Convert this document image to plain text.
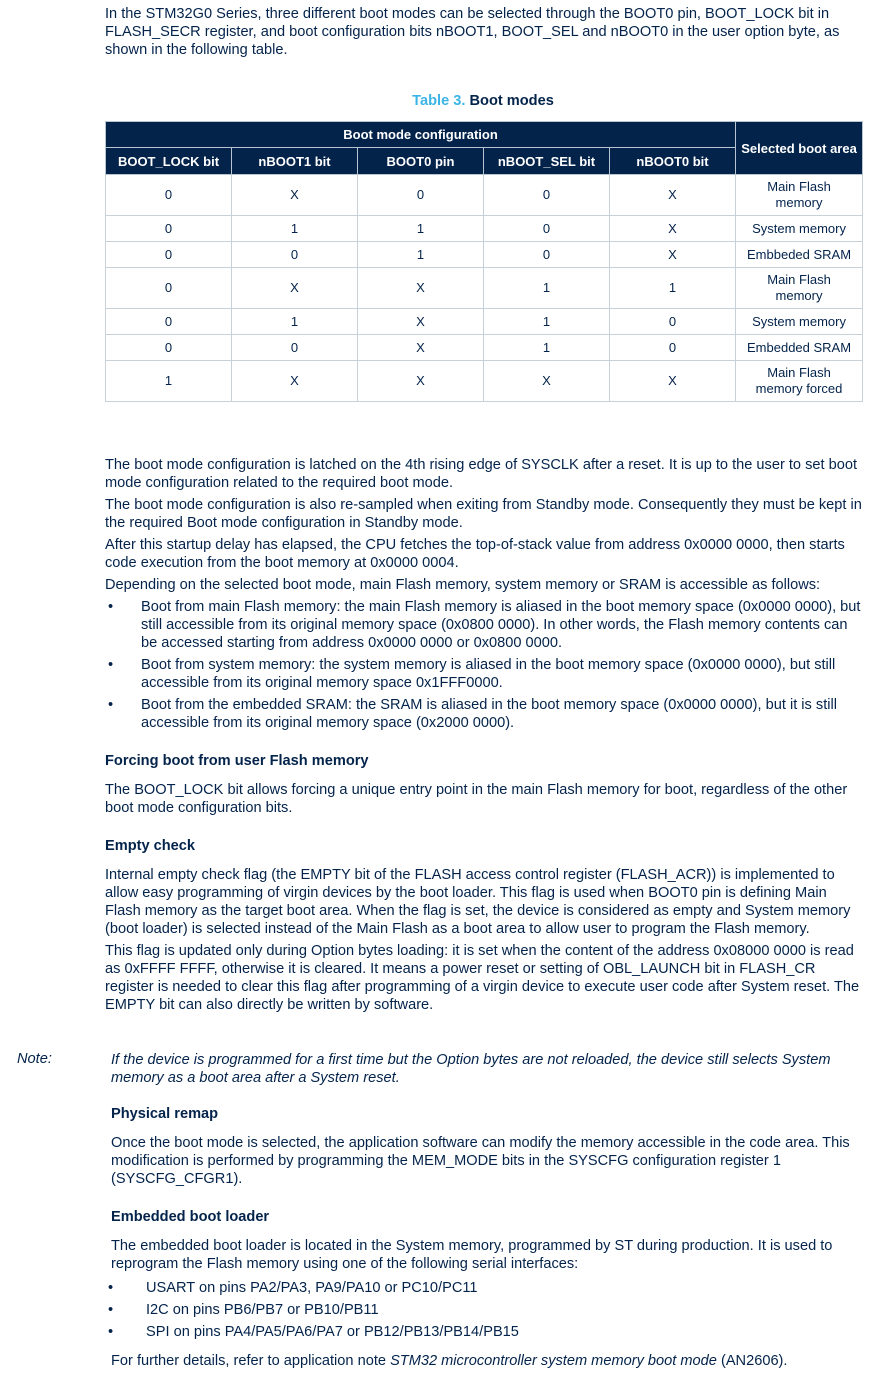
In the STM32G0 Series, three different boot modes can be selected through the BOOT0 pin, BOOT_LOCK bit in FLASH_SECR register, and boot configuration bits nBOOT1, BOOT_SEL and nBOOT0 in the user option byte, as shown in the following table.

Table 3. Boot modes
Boot mode configuration					Selected boot area
BOOT_LOCK bit	nBOOT1 bit	BOOT0 pin	nBOOT_SEL bit	nBOOT0 bit	
0	X	0	0	X	Main Flash memory
0	1	1	0	X	System memory
0	0	1	0	X	Embbeded SRAM
0	X	X	1	1	Main Flash memory
0	1	X	1	0	System memory
0	0	X	1	0	Embedded SRAM
1	X	X	X	X	Main Flash memory forced

The boot mode configuration is latched on the 4th rising edge of SYSCLK after a reset. It is up to the user to set boot mode configuration related to the required boot mode.

The boot mode configuration is also re-sampled when exiting from Standby mode. Consequently they must be kept in the required Boot mode configuration in Standby mode.

After this startup delay has elapsed, the CPU fetches the top-of-stack value from address 0x0000 0000, then starts code execution from the boot memory at 0x0000 0004.

Depending on the selected boot mode, main Flash memory, system memory or SRAM is accessible as follows:

• Boot from main Flash memory: the main Flash memory is aliased in the boot memory space (0x0000 0000), but still accessible from its original memory space (0x0800 0000). In other words, the Flash memory contents can be accessed starting from address 0x0000 0000 or 0x0800 0000.
• Boot from system memory: the system memory is aliased in the boot memory space (0x0000 0000), but still accessible from its original memory space 0x1FFF0000.
• Boot from the embedded SRAM: the SRAM is aliased in the boot memory space (0x0000 0000), but it is still accessible from its original memory space (0x2000 0000).
Forcing boot from user Flash memory

The BOOT_LOCK bit allows forcing a unique entry point in the main Flash memory for boot, regardless of the other boot mode configuration bits.

Empty check

Internal empty check flag (the EMPTY bit of the FLASH access control register (FLASH_ACR)) is implemented to allow easy programming of virgin devices by the boot loader. This flag is used when BOOT0 pin is defining Main Flash memory as the target boot area. When the flag is set, the device is considered as empty and System memory (boot loader) is selected instead of the Main Flash as a boot area to allow user to program the Flash memory.

This flag is updated only during Option bytes loading: it is set when the content of the address 0x08000 0000 is read as 0xFFFF FFFF, otherwise it is cleared. It means a power reset or setting of OBL_LAUNCH bit in FLASH_CR register is needed to clear this flag after programming of a virgin device to execute user code after System reset. The EMPTY bit can also directly be written by software.

Note:	If the device is programmed for a first time but the Option bytes are not reloaded, the device still selects System memory as a boot area after a System reset.

Physical remap

Once the boot mode is selected, the application software can modify the memory accessible in the code area. This modification is performed by programming the MEM_MODE bits in the SYSCFG configuration register 1 (SYSCFG_CFGR1).

Embedded boot loader

The embedded boot loader is located in the System memory, programmed by ST during production. It is used to reprogram the Flash memory using one of the following serial interfaces:

• USART on pins PA2/PA3, PA9/PA10 or PC10/PC11
• I2C on pins PB6/PB7 or PB10/PB11
• SPI on pins PA4/PA5/PA6/PA7 or PB12/PB13/PB14/PB15

For further details, refer to application note STM32 microcontroller system memory boot mode (AN2606).
